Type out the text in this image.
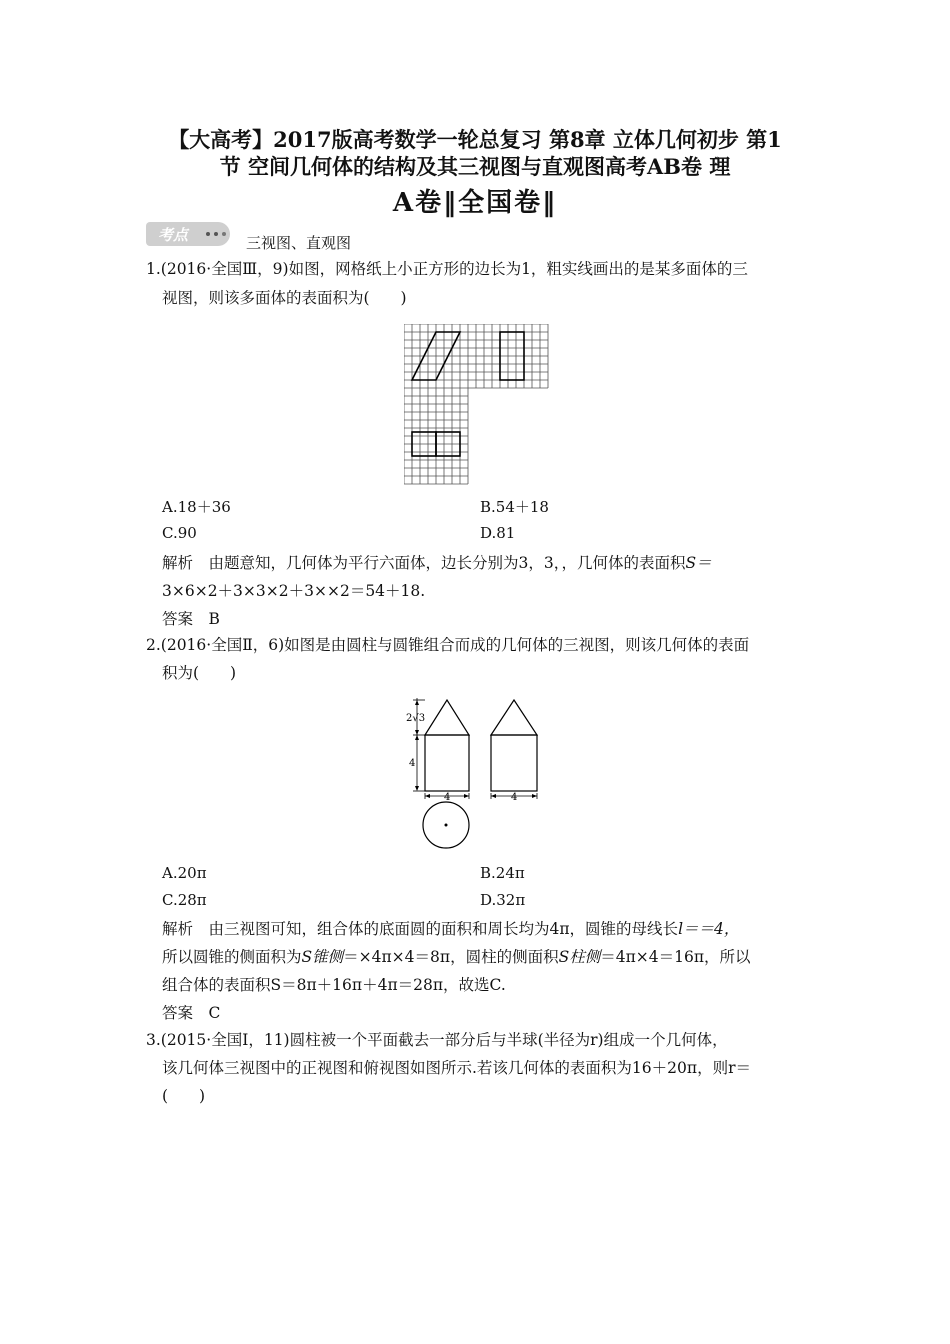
【大高考】2017版高考数学一轮总复习 第8章 立体几何初步 第1
节 空间几何体的结构及其三视图与直观图高考AB卷 理
A卷‖全国卷‖
考点	三视图、直观图
1.(2016·全国Ⅲ，9)如图，网格纸上小正方形的边长为1，粗实线画出的是某多面体的三
视图，则该多面体的表面积为(　　)
A.18＋36	B.54＋18
C.90	D.81
解析　由题意知，几何体为平行六面体，边长分别为3，3，，几何体的表面积S＝
3×6×2＋3×3×2＋3××2＝54＋18.
答案　B
2.(2016·全国Ⅱ，6)如图是由圆柱与圆锥组合而成的几何体的三视图，则该几何体的表面
积为(　　)
2√3
4
4	4
A.20π	B.24π
C.28π	D.32π
解析　由三视图可知，组合体的底面圆的面积和周长均为4π，圆锥的母线长l＝＝4，
所以圆锥的侧面积为S锥侧＝×4π×4＝8π，圆柱的侧面积S柱侧＝4π×4＝16π，所以
组合体的表面积S＝8π＋16π＋4π＝28π，故选C.
答案　C
3.(2015·全国Ⅰ，11)圆柱被一个平面截去一部分后与半球(半径为r)组成一个几何体，
该几何体三视图中的正视图和俯视图如图所示.若该几何体的表面积为16＋20π，则r＝
(　　)
